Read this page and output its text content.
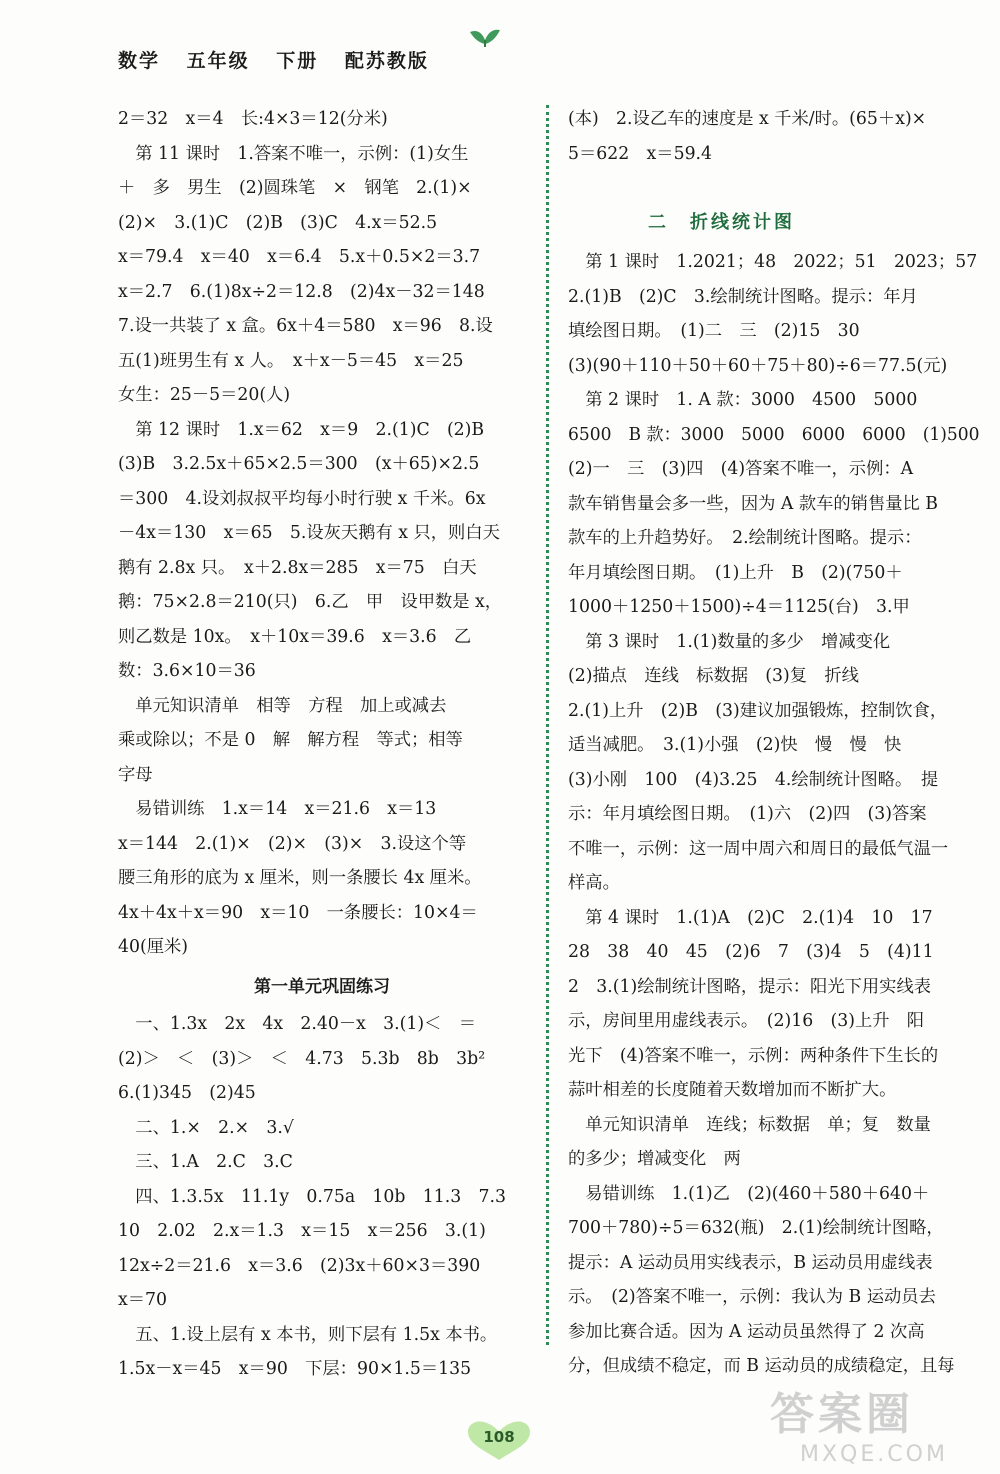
数学 五年级 下册 配苏教版
2＝32　x＝4　长:4×3＝12(分米)
　第 11 课时　1.答案不唯一，示例：(1)女生
＋　多　男生　(2)圆珠笔　×　钢笔　2.(1)×
(2)×　3.(1)C　(2)B　(3)C　4.x＝52.5
x＝79.4　x＝40　x＝6.4　5.x＋0.5×2＝3.7
x＝2.7　6.(1)8x÷2＝12.8　(2)4x－32＝148
7.设一共装了 x 盒。6x＋4＝580　x＝96　8.设
五(1)班男生有 x 人。　x＋x－5＝45　x＝25
女生：25－5＝20(人)
　第 12 课时　1.x＝62　x＝9　2.(1)C　(2)B
(3)B　3.2.5x＋65×2.5＝300　(x＋65)×2.5
＝300　4.设刘叔叔平均每小时行驶 x 千米。6x
－4x＝130　x＝65　5.设灰天鹅有 x 只，则白天
鹅有 2.8x 只。　x＋2.8x＝285　x＝75　白天
鹅：75×2.8＝210(只)　6.乙　甲　设甲数是 x，
则乙数是 10x。　x＋10x＝39.6　x＝3.6　乙
数：3.6×10＝36
　单元知识清单　相等　方程　加上或减去
乘或除以；不是 0　解　解方程　等式；相等
字母
　易错训练　1.x＝14　x＝21.6　x＝13
x＝144　2.(1)×　(2)×　(3)×　3.设这个等
腰三角形的底为 x 厘米，则一条腰长 4x 厘米。
4x＋4x＋x＝90　x＝10　一条腰长：10×4＝
40(厘米)
第一单元巩固练习
　一、1.3x　2x　4x　2.40－x　3.(1)＜　＝
(2)＞　＜　(3)＞　＜　4.73　5.3b　8b　3b²
6.(1)345　(2)45
　二、1.×　2.×　3.√
　三、1.A　2.C　3.C
　四、1.3.5x　11.1y　0.75a　10b　11.3　7.3
10　2.02　2.x＝1.3　x＝15　x＝256　3.(1)
12x÷2＝21.6　x＝3.6　(2)3x＋60×3＝390
x＝70
　五、1.设上层有 x 本书，则下层有 1.5x 本书。
1.5x－x＝45　x＝90　下层：90×1.5＝135
(本)　2.设乙车的速度是 x 千米/时。(65＋x)×
5＝622　x＝59.4
二　折线统计图
　第 1 课时　1.2021；48　2022；51　2023；57
2.(1)B　(2)C　3.绘制统计图略。提示：年月
填绘图日期。　(1)二　三　(2)15　30
(3)(90＋110＋50＋60＋75＋80)÷6＝77.5(元)
　第 2 课时　1. A 款：3000　4500　5000
6500　B 款：3000　5000　6000　6000　(1)500
(2)一　三　(3)四　(4)答案不唯一，示例：A
款车销售量会多一些，因为 A 款车的销售量比 B
款车的上升趋势好。　2.绘制统计图略。提示：
年月填绘图日期。　(1)上升　B　(2)(750＋
1000＋1250＋1500)÷4＝1125(台)　3.甲
　第 3 课时　1.(1)数量的多少　增减变化
(2)描点　连线　标数据　(3)复　折线
2.(1)上升　(2)B　(3)建议加强锻炼，控制饮食，
适当减肥。　3.(1)小强　(2)快　慢　慢　快
(3)小刚　100　(4)3.25　4.绘制统计图略。　提
示：年月填绘图日期。　(1)六　(2)四　(3)答案
不唯一，示例：这一周中周六和周日的最低气温一
样高。
　第 4 课时　1.(1)A　(2)C　2.(1)4　10　17
28　38　40　45　(2)6　7　(3)4　5　(4)11
2　3.(1)绘制统计图略，提示：阳光下用实线表
示，房间里用虚线表示。　(2)16　(3)上升　阳
光下　(4)答案不唯一，示例：两种条件下生长的
蒜叶相差的长度随着天数增加而不断扩大。
　单元知识清单　连线；标数据　单；复　数量
的多少；增减变化　两
　易错训练　1.(1)乙　(2)(460＋580＋640＋
700＋780)÷5＝632(瓶)　2.(1)绘制统计图略，
提示：A 运动员用实线表示，B 运动员用虚线表
示。　(2)答案不唯一，示例：我认为 B 运动员去
参加比赛合适。因为 A 运动员虽然得了 2 次高
分，但成绩不稳定，而 B 运动员的成绩稳定，且每
108	答案圈
MXQE.COM
